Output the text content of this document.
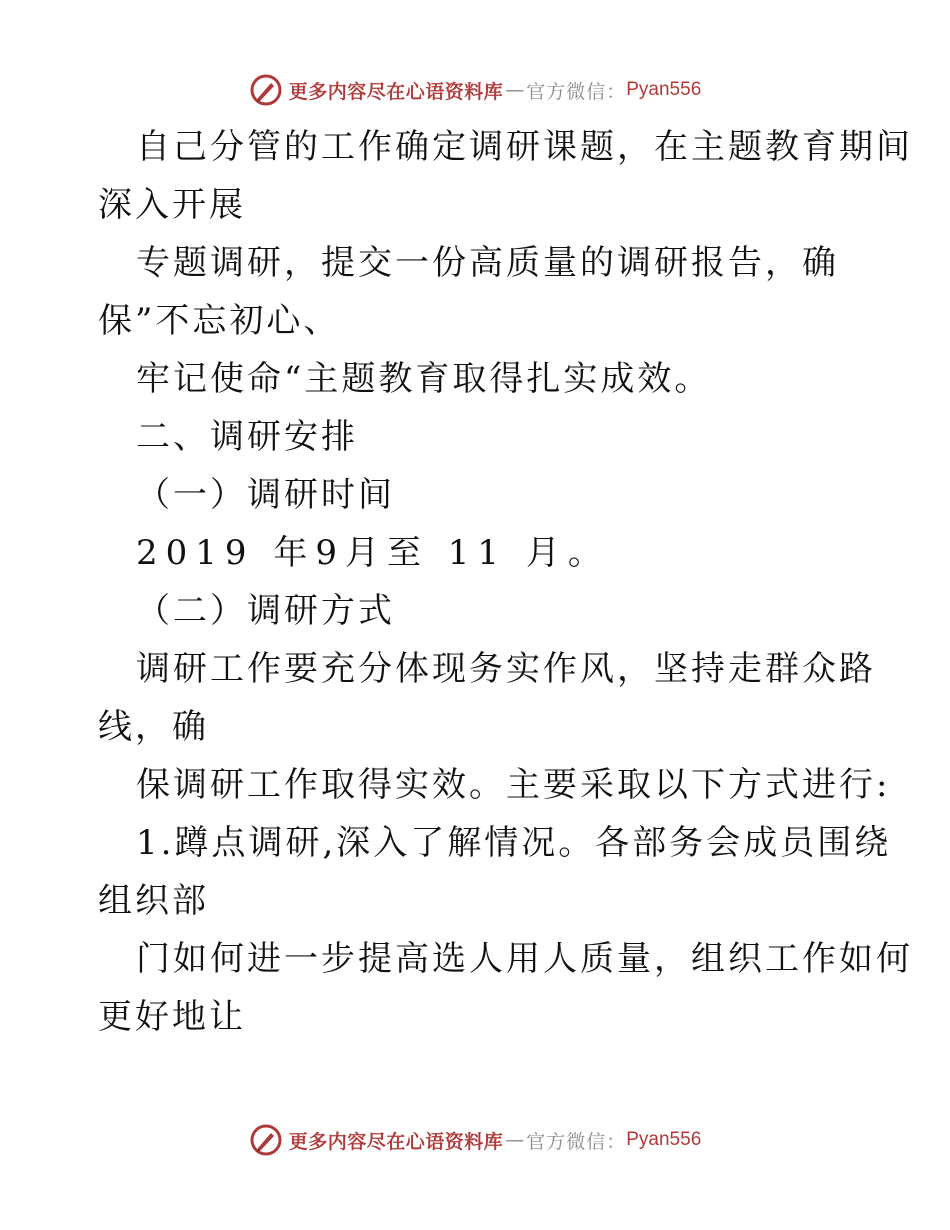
更多内容尽在心语资料库 — 官方微信： Pyan556
自己分管的工作确定调研课题，在主题教育期间
深入开展
专题调研，提交一份高质量的调研报告，确
保”不忘初心、
牢记使命“主题教育取得扎实成效。
二、调研安排
（一）调研时间
2019 年9月至 11 月。
（二）调研方式
调研工作要充分体现务实作风，坚持走群众路
线，确
保调研工作取得实效。主要采取以下方式进行:
1.蹲点调研,深入了解情况。各部务会成员围绕
组织部
门如何进一步提高选人用人质量，组织工作如何
更好地让
更多内容尽在心语资料库 — 官方微信： Pyan556
